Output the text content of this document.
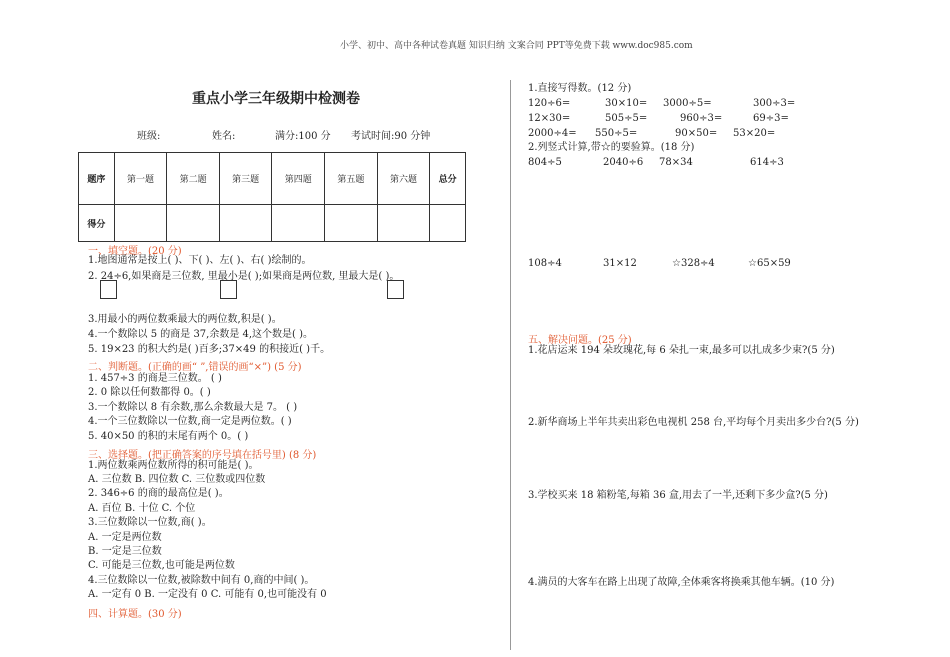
小学、初中、高中各种试卷真题 知识归纳 文案合同 PPT等免费下载 www.doc985.com
重点小学三年级期中检测卷
班级:	姓名:	满分:100 分 考试时间:90 分钟
题序	第一题	第二题	第三题	第四题	第五题	第六题	总分
得分							
一、填空题。(20 分)
1.地图通常是按上( )、下( )、左( )、右( )绘制的。
2. 24÷6,如果商是三位数, 里最小是( );如果商是两位数, 里最大是( )。
3.用最小的两位数乘最大的两位数,积是( )。
4.一个数除以 5 的商是 37,余数是 4,这个数是( )。
5. 19×23 的积大约是( )百多;37×49 的积接近( )千。
二、判断题。(正确的画“ ”,错误的画“×”) (5 分)
1. 457÷3 的商是三位数。 ( )
2. 0 除以任何数都得 0。( )
3.一个数除以 8 有余数,那么余数最大是 7。 ( )
4.一个三位数除以一位数,商一定是两位数。( )
5. 40×50 的积的末尾有两个 0。( )
三、选择题。(把正确答案的序号填在括号里) (8 分)
1.两位数乘两位数所得的积可能是( )。
A. 三位数 B. 四位数 C. 三位数或四位数
2. 346÷6 的商的最高位是( )。
A. 百位 B. 十位 C. 个位
3.三位数除以一位数,商( )。
A. 一定是两位数
B. 一定是三位数
C. 可能是三位数,也可能是两位数
4.三位数除以一位数,被除数中间有 0,商的中间( )。
A. 一定有 0 B. 一定没有 0 C. 可能有 0,也可能没有 0
四、计算题。(30 分)
1.直接写得数。(12 分)
120÷6=	30×10= 3000÷5=	300÷3=
12×30=	505÷5=	960÷3=	69÷3=
2000÷4= 550÷5=	90×50= 53×20=
2.列竖式计算,带☆的要验算。(18 分)
804÷5	2040÷6 78×34	614÷3
108÷4	31×12	☆328÷4	☆65×59
五、解决问题。(25 分)
1.花店运来 194 朵玫瑰花,每 6 朵扎一束,最多可以扎成多少束?(5 分)
2.新华商场上半年共卖出彩色电视机 258 台,平均每个月卖出多少台?(5 分)
3.学校买来 18 箱粉笔,每箱 36 盒,用去了一半,还剩下多少盒?(5 分)
4.满员的大客车在路上出现了故障,全体乘客将换乘其他车辆。(10 分)
